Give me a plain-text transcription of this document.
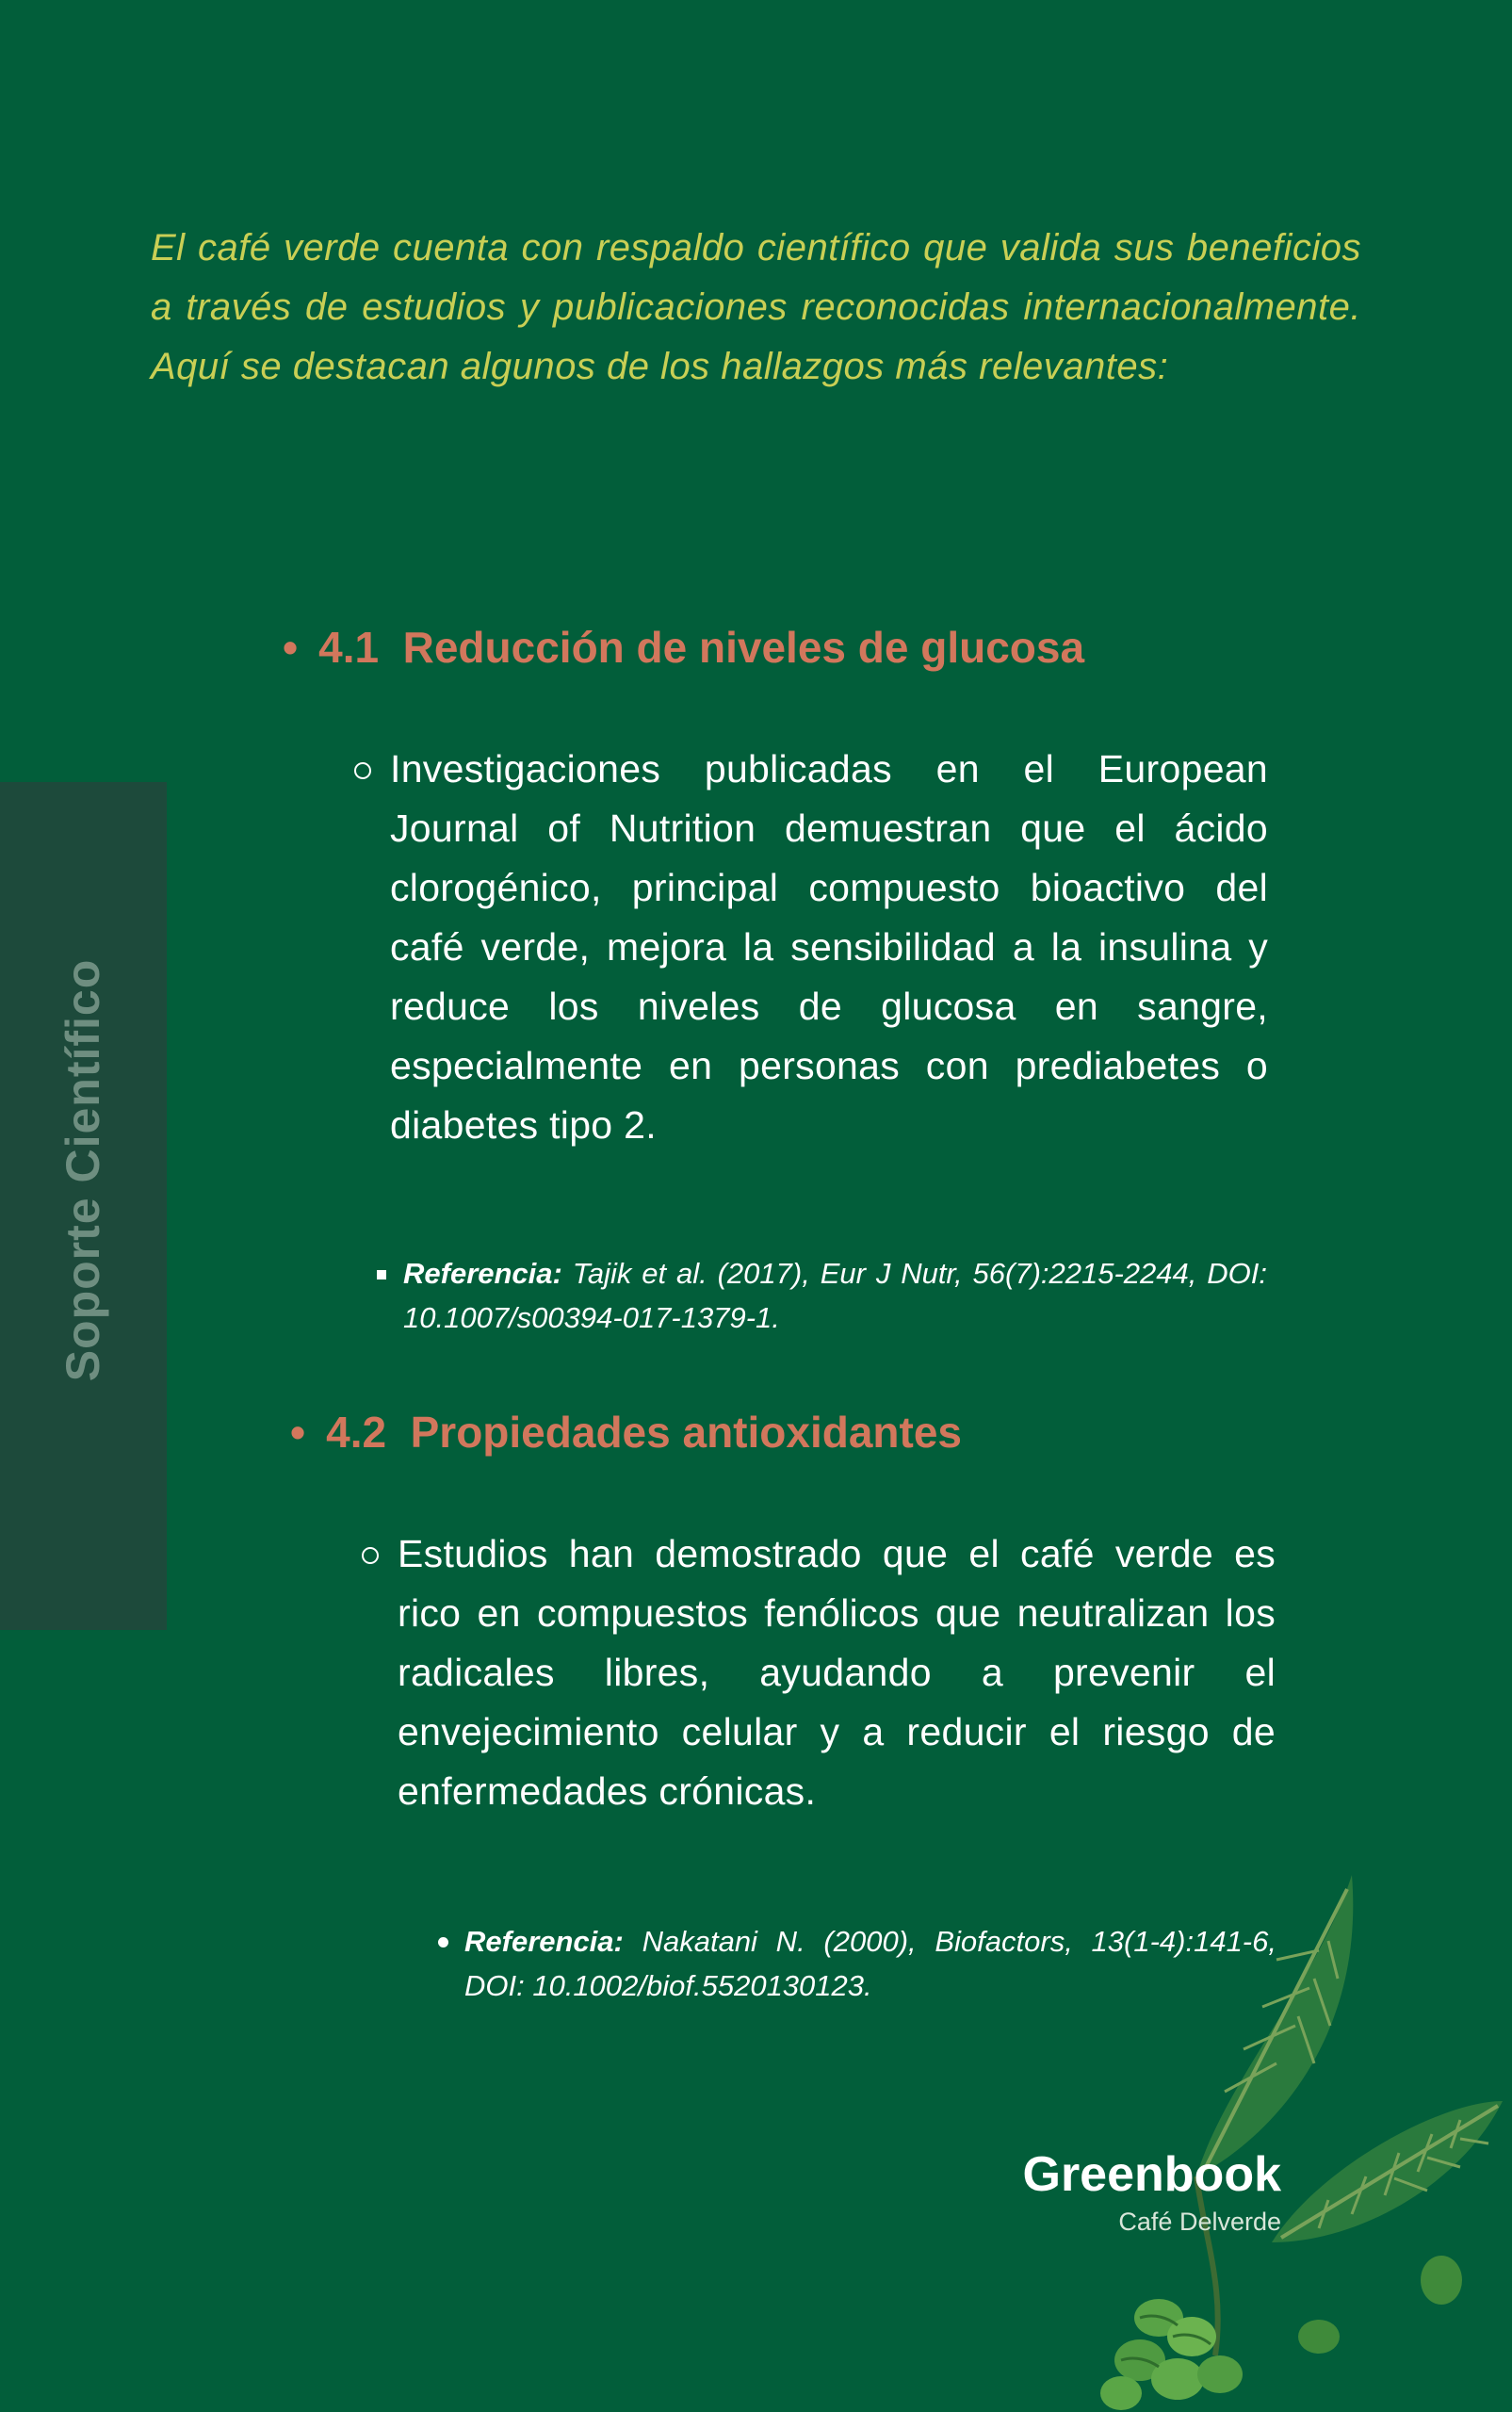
El café verde cuenta con respaldo científico que valida sus beneficios a través de estudios y publicaciones reconocidas internacionalmente. Aquí se destacan algunos de los hallazgos más relevantes:
Soporte Científico
• 4.1 Reducción de niveles de glucosa

Investigaciones publicadas en el European Journal of Nutrition demuestran que el ácido clorogénico, principal compuesto bioactivo del café verde, mejora la sensibilidad a la insulina y reduce los niveles de glucosa en sangre, especialmente en personas con prediabetes o diabetes tipo 2.

Referencia: Tajik et al. (2017), Eur J Nutr, 56(7):2215-2244, DOI: 10.1007/s00394-017-1379-1.

• 4.2 Propiedades antioxidantes

Estudios han demostrado que el café verde es rico en compuestos fenólicos que neutralizan los radicales libres, ayudando a prevenir el envejecimiento celular y a reducir el riesgo de enfermedades crónicas.

Referencia: Nakatani N. (2000), Biofactors, 13(1-4):141-6, DOI: 10.1002/biof.5520130123.

Greenbook
Café Delverde
